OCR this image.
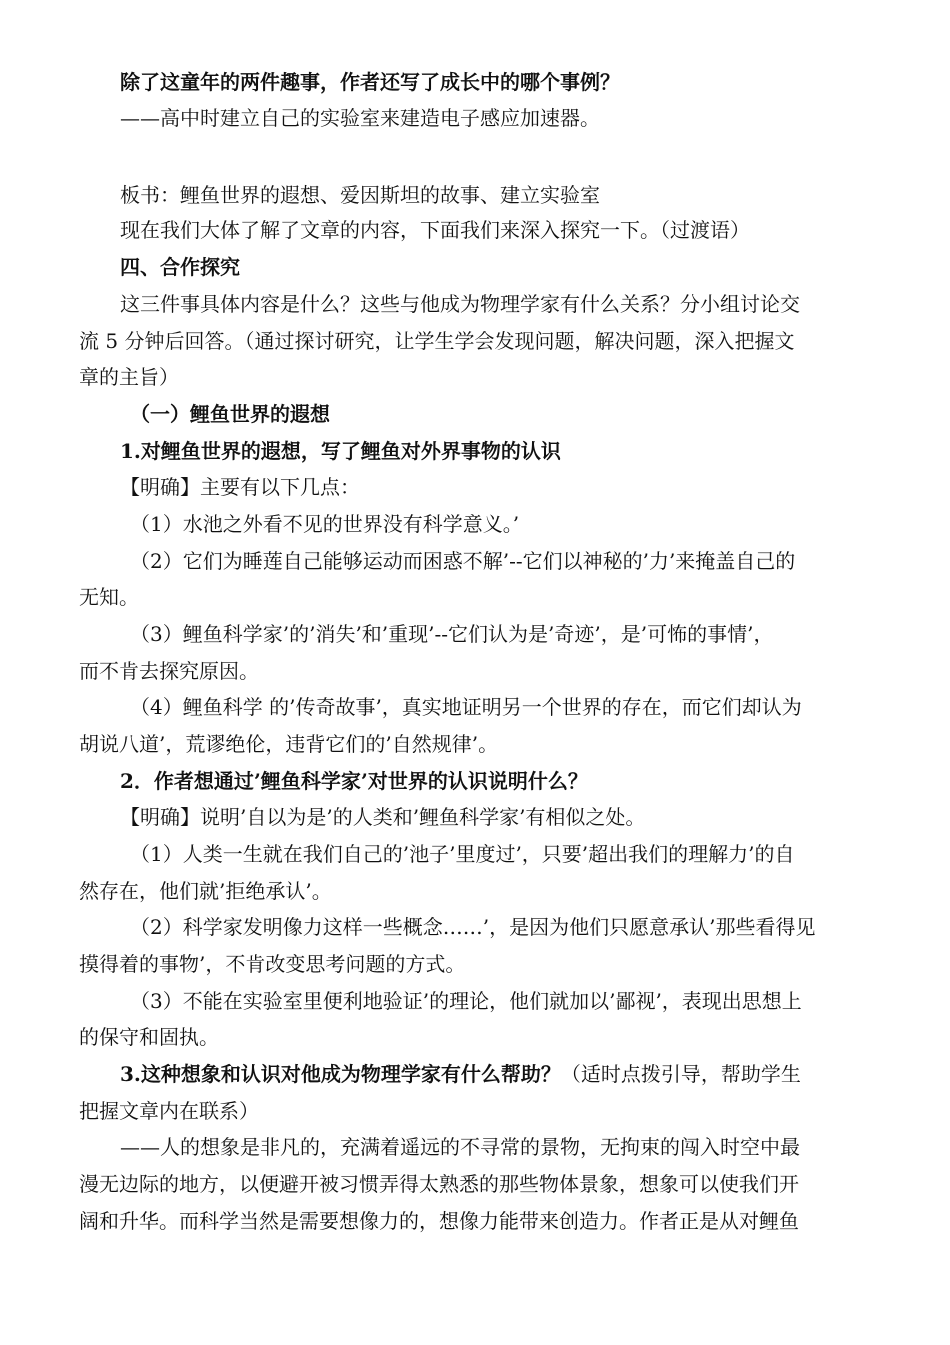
除了这童年的两件趣事，作者还写了成长中的哪个事例？
——高中时建立自己的实验室来建造电子感应加速器。
板书：鲤鱼世界的遐想、爱因斯坦的故事、建立实验室
现在我们大体了解了文章的内容，下面我们来深入探究一下。（过渡语）
四、合作探究
这三件事具体内容是什么？这些与他成为物理学家有什么关系？分小组讨论交
流 5 分钟后回答。（通过探讨研究，让学生学会发现问题，解决问题，深入把握文
章的主旨）
（一）鲤鱼世界的遐想
1.对鲤鱼世界的遐想，写了鲤鱼对外界事物的认识
【明确】主要有以下几点：
（1）水池之外看不见的世界没有科学意义。’
（2）它们为睡莲自己能够运动而困惑不解’--它们以神秘的’力’来掩盖自己的
无知。
（3）鲤鱼科学家’的’消失’和’重现’--它们认为是’奇迹’，是’可怖的事情’，
而不肯去探究原因。
（4）鲤鱼科学 的’传奇故事’，真实地证明另一个世界的存在，而它们却认为
胡说八道’，荒谬绝伦，违背它们的’自然规律’。
2．作者想通过’鲤鱼科学家’对世界的认识说明什么？
【明确】说明’自以为是’的人类和’鲤鱼科学家’有相似之处。
（1）人类一生就在我们自己的’池子’里度过’，只要’超出我们的理解力’的自
然存在，他们就’拒绝承认’。
（2）科学家发明像力这样一些概念……’，是因为他们只愿意承认’那些看得见
摸得着的事物’，不肯改变思考问题的方式。
（3）不能在实验室里便利地验证’的理论，他们就加以’鄙视’，表现出思想上
的保守和固执。
3.这种想象和认识对他成为物理学家有什么帮助？（适时点拨引导，帮助学生
把握文章内在联系）
——人的想象是非凡的，充满着遥远的不寻常的景物，无拘束的闯入时空中最
漫无边际的地方，以便避开被习惯弄得太熟悉的那些物体景象，想象可以使我们开
阔和升华。而科学当然是需要想像力的，想像力能带来创造力。作者正是从对鲤鱼
